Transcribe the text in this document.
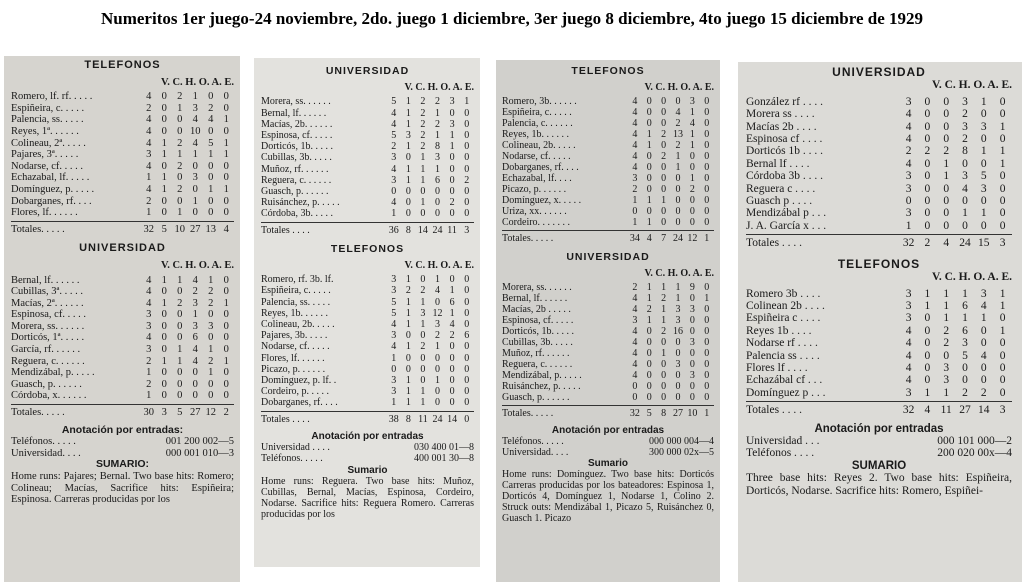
Numeritos 1er juego-24 noviembre, 2do. juego 1 diciembre, 3er juego 8 diciembre, 4to juego 15 diciembre de 1929
TELEFONOS
V. C. H. O. A. E.
Romero, lf. rf. . . . .	4 0 2 1 0 0
Espiñeira, c. . . . .	2 0 1 3 2 0
Palencia, ss. . . . .	4 0 0 4 4 1
Reyes, 1ª. . . . . .	4 0 0 10 0 0
Colineau, 2ª. . . . .	4 1 2 4 5 1
Pajares, 3ª. . . . .	3 1 1 1 1 1
Nodarse, cf. . . . .	4 0 2 0 0 0
Echazabal, lf. . . . .	1 1 0 3 0 0
Domínguez, p. . . . .	4 1 2 0 1 1
Dobarganes, rf. . . .	2 0 0 1 0 0
Flores, lf. . . . . .	1 0 1 0 0 0
Totales. . . . .	32 5 10 27 13 4
UNIVERSIDAD
V. C. H. O. A. E.
Bernal, lf. . . . . .	4 1 1 4 1 0
Cubillas, 3ª. . . . .	4 0 0 2 2 0
Macías, 2ª. . . . . .	4 1 2 3 2 1
Espinosa, cf. . . . .	3 0 0 1 0 0
Morera, ss. . . . . .	3 0 0 3 3 0
Dorticós, 1ª. . . . .	4 0 0 6 0 0
García, rf. . . . . .	3 0 1 4 1 0
Reguera, c. . . . . .	2 1 1 4 2 1
Mendizábal, p. . . . .	1 0 0 0 1 0
Guasch, p. . . . . .	2 0 0 0 0 0
Córdoba, x. . . . . .	1 0 0 0 0 0
Totales. . . . .	30 3 5 27 12 2
Anotación por entradas:
Teléfonos. . . . .	001 200 002—5
Universidad. . . .	000 001 010—3
SUMARIO:
Home runs: Pajares; Bernal. Two base hits: Romero; Colineau; Macías, Sacrifice hits: Espiñeira; Espinosa. Carreras producidas por los
UNIVERSIDAD
V. C. H. O. A. E.
Morera, ss. . . . . .	5 1 2 2 3 1
Bernal, lf. . . . . .	4 1 2 1 0 0
Macías, 2b. . . . . .	4 1 2 2 3 0
Espinosa, cf. . . . .	5 3 2 1 1 0
Dorticós, 1b. . . . .	2 1 2 8 1 0
Cubillas, 3b. . . . .	3 0 1 3 0 0
Muñoz, rf. . . . . .	4 1 1 1 0 0
Reguera, c. . . . . .	3 1 1 6 0 2
Guasch, p. . . . . .	0 0 0 0 0 0
Ruisánchez, p. . . . .	4 0 1 0 2 0
Córdoba, 3b. . . . .	1 0 0 0 0 0
Totales . . . .	36 8 14 24 11 3
TELEFONOS
V. C. H. O. A. E.
Romero, rf. 3b. lf.	3 1 0 1 0 0
Espiñeira, c. . . . .	3 2 2 4 1 0
Palencia, ss. . . . .	5 1 1 0 6 0
Reyes, 1b. . . . . .	5 1 3 12 1 0
Colineau, 2b. . . . .	4 1 1 3 4 0
Pajares, 3b. . . . .	3 0 0 2 2 6
Nodarse, cf. . . . .	4 1 2 1 0 0
Flores, lf. . . . . .	1 0 0 0 0 0
Picazo, p. . . . . .	0 0 0 0 0 0
Domínguez, p. lf. .	3 1 0 1 0 0
Cordeiro, p. . . . .	3 1 1 0 0 0
Dobarganes, rf. . . .	1 1 1 0 0 0
Totales . . . .	38 8 11 24 14 0
Anotación por entradas
Universidad . . . .	030 400 01—8
Teléfonos. . . . .	400 001 30—8
Sumario
Home runs: Reguera. Two base hits: Muñoz, Cubillas, Bernal, Macías, Espinosa, Cordeiro, Nodarse. Sacrifice hits: Reguera Romero. Carreras producidas por los
TELEFONOS
V. C. H. O. A. E.
Romero, 3b. . . . . .	4 0 0 0 3 0
Espiñeira, c. . . . .	4 0 0 4 1 0
Palencia, c. . . . . .	4 0 0 2 4 0
Reyes, 1b. . . . . .	4 1 2 13 1 0
Colineau, 2b. . . . .	4 1 0 2 1 0
Nodarse, cf. . . . .	4 0 2 1 0 0
Dobarganes, rf. . . .	4 0 0 1 0 0
Echazabal, lf. . . .	3 0 0 0 1 0
Picazo, p. . . . . .	2 0 0 0 2 0
Domínguez, x. . . . .	1 1 1 0 0 0
Uriza, xx. . . . . .	0 0 0 0 0 0
Cordeiro. . . . . . .	1 1 0 0 0 0
Totales. . . . .	34 4 7 24 12 1
UNIVERSIDAD
V. C. H. O. A. E.
Morera, ss. . . . . .	2 1 1 1 9 0
Bernal, lf. . . . . .	4 1 2 1 0 1
Macías, 2b . . . . .	4 2 1 3 3 0
Espinosa, cf. . . . .	3 1 1 3 0 0
Dorticós, 1b. . . . .	4 0 2 16 0 0
Cubillas, 3b. . . . .	4 0 0 0 3 0
Muñoz, rf. . . . . .	4 0 1 0 0 0
Reguera, c. . . . . .	4 0 0 3 0 0
Mendizábal, p. . . . .	4 0 0 0 3 0
Ruisánchez, p. . . . .	0 0 0 0 0 0
Guasch, p. . . . . .	0 0 0 0 0 0
Totales. . . . .	32 5 8 27 10 1
Anotación por entradas
Teléfonos. . . . .	000 000 004—4
Universidad. . . .	300 000 02x—5
Sumario
Home runs: Domínguez. Two base hits: Dorticós Carreras producidas por los bateadores: Espinosa 1, Dorticós 4, Domínguez 1, Nodarse 1, Colino 2. Struck outs: Mendizábal 1, Picazo 5, Ruisánchez 0, Guasch 1. Picazo
UNIVERSIDAD
V. C. H. O. A. E.
González rf . . . .	3	0	0	3	1	0
Morera ss . . . .	4	0	0	2	0	0
Macías 2b . . . .	4	0	0	3	3	1
Espinosa cf . . . .	4	0	0	2	0	0
Dorticós 1b . . . .	2	2	2	8	1	1
Bernal lf . . . .	4	0	1	0	0	1
Córdoba 3b . . . .	3	0	1	3	5	0
Reguera c . . . .	3	0	0	4	3	0
Guasch p . . . .	0	0	0	0	0	0
Mendizábal p . . .	3	0	0	1	1	0
J. A. García x . . .	1	0	0	0	0	0
Totales . . . .	32 2	4 24 15 3
TELEFONOS
V. C. H. O. A. E.
Romero 3b . . . .	3	1	1	1	3	1
Colinean 2b . . . .	3	1	1	6	4	1
Espiñeira c . . . .	3	0	1	1	1	0
Reyes 1b . . . .	4	0	2	6	0	1
Nodarse rf . . . .	4	0	2	3	0	0
Palencia ss . . . .	4	0	0	5	4	0
Flores lf . . . .	4	0	3	0	0	0
Echazábal cf . . .	4	0	3	0	0	0
Domínguez p . . .	3	1	1	2	2	0
Totales . . . .	32 4 11 27 14 3
Anotación por entradas
Universidad . . .	000 101 000—2
Teléfonos . . . .	200 020 00x—4
SUMARIO
Three base hits: Reyes 2. Two base hits: Espiñeira, Dorticós, Nodarse. Sacrifice hits: Romero, Espiñei-
